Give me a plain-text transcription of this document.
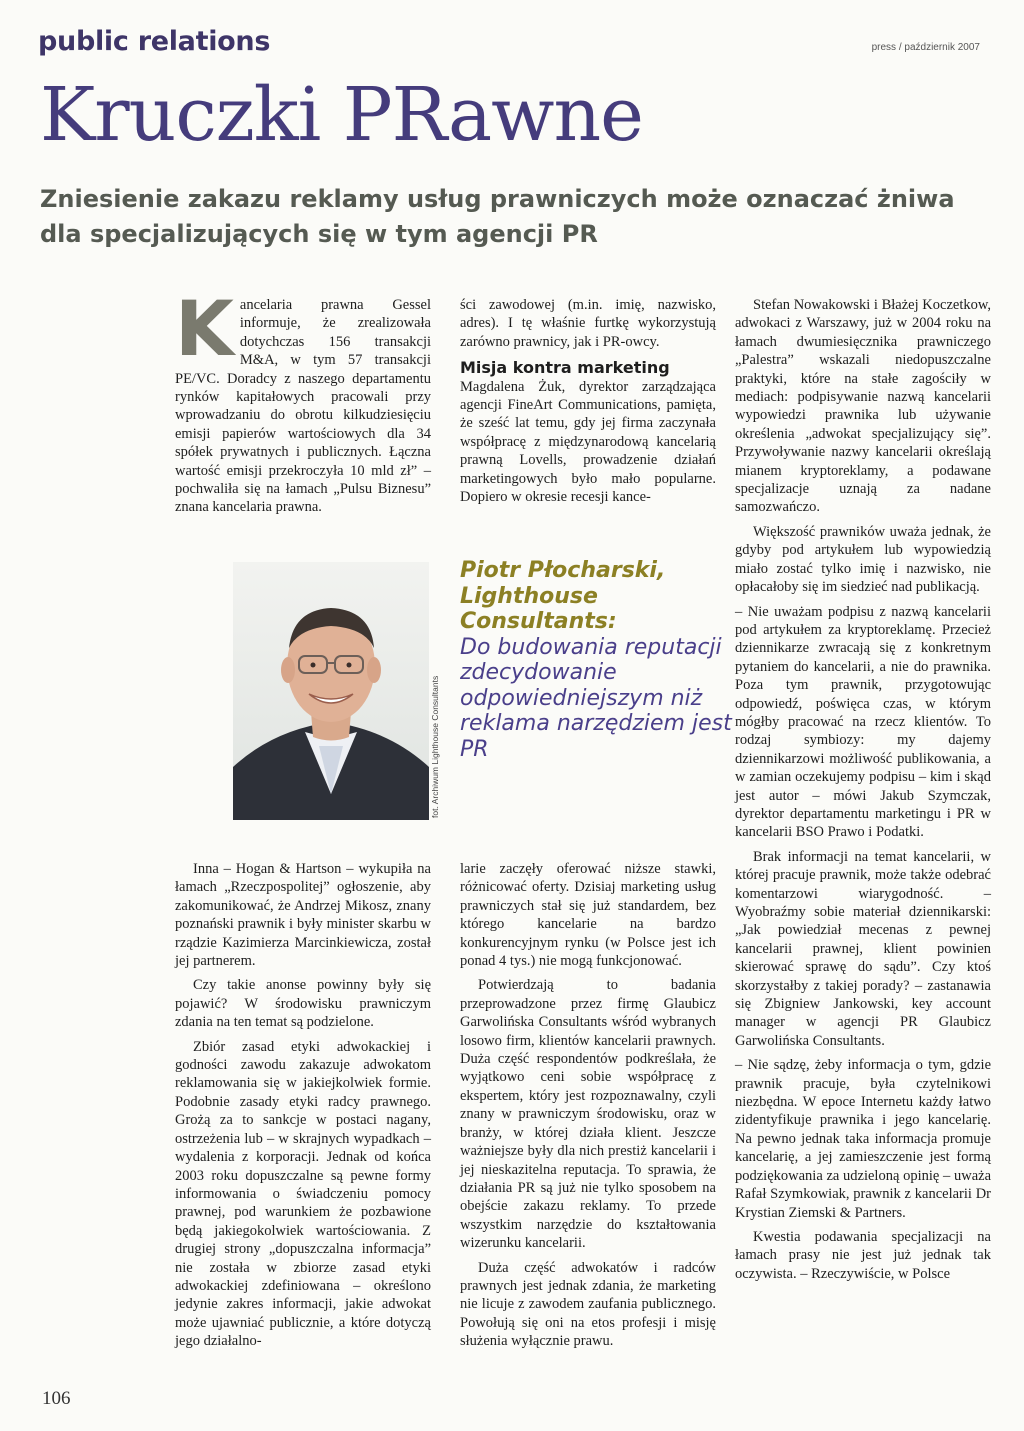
public relations	press / październik 2007
Kruczki PRawne
Zniesienie zakazu reklamy usług prawniczych może oznaczać żniwa dla specjalizujących się w tym agencji PR

Kancelaria prawna Gessel informuje, że zrealizowała dotychczas 156 transakcji M&A, w tym 57 transakcji PE/VC. Doradcy z naszego departamentu rynków kapitałowych pracowali przy wprowadzaniu do obrotu kilkudziesięciu emisji papierów wartościowych dla 34 spółek prywatnych i publicznych. Łączna wartość emisji przekroczyła 10 mld zł” – pochwaliła się na łamach „Pulsu Biznesu” znana kancelaria prawna.

ści zawodowej (m.in. imię, nazwisko, adres). I tę właśnie furtkę wykorzystują zarówno prawnicy, jak i PR-owcy.

Misja kontra marketing

Magdalena Żuk, dyrektor zarządzająca agencji FineArt Communications, pamięta, że sześć lat temu, gdy jej firma zaczynała współpracę z międzynarodową kancelarią prawną Lovells, prowadzenie działań marketingowych było mało popularne. Dopiero w okresie recesji kance-

fot. Archiwum Lighthouse Consultants
Piotr Płocharski, Lighthouse Consultants:
Do budowania reputacji zdecydowanie odpowiedniejszym niż reklama narzędziem jest PR

Inna – Hogan & Hartson – wykupiła na łamach „Rzeczpospolitej” ogłoszenie, aby zakomunikować, że Andrzej Mikosz, znany poznański prawnik i były minister skarbu w rządzie Kazimierza Marcinkiewicza, został jej partnerem.

Czy takie anonse powinny były się pojawić? W środowisku prawniczym zdania na ten temat są podzielone.

Zbiór zasad etyki adwokackiej i godności zawodu zakazuje adwokatom reklamowania się w jakiejkolwiek formie. Podobnie zasady etyki radcy prawnego. Grożą za to sankcje w postaci nagany, ostrzeżenia lub – w skrajnych wypadkach – wydalenia z korporacji. Jednak od końca 2003 roku dopuszczalne są pewne formy informowania o świadczeniu pomocy prawnej, pod warunkiem że pozbawione będą jakiegokolwiek wartościowania. Z drugiej strony „dopuszczalna informacja” nie została w zbiorze zasad etyki adwokackiej zdefiniowana – określono jedynie zakres informacji, jakie adwokat może ujawniać publicznie, a które dotyczą jego działalno-

larie zaczęły oferować niższe stawki, różnicować oferty. Dzisiaj marketing usług prawniczych stał się już standardem, bez którego kancelarie na bardzo konkurencyjnym rynku (w Polsce jest ich ponad 4 tys.) nie mogą funkcjonować.

Potwierdzają to badania przeprowadzone przez firmę Glaubicz Garwolińska Consultants wśród wybranych losowo firm, klientów kancelarii prawnych. Duża część respondentów podkreślała, że wyjątkowo ceni sobie współpracę z ekspertem, który jest rozpoznawalny, czyli znany w prawniczym środowisku, oraz w branży, w której działa klient. Jeszcze ważniejsze były dla nich prestiż kancelarii i jej nieskazitelna reputacja. To sprawia, że działania PR są już nie tylko sposobem na obejście zakazu reklamy. To przede wszystkim narzędzie do kształtowania wizerunku kancelarii.

Duża część adwokatów i radców prawnych jest jednak zdania, że marketing nie licuje z zawodem zaufania publicznego. Powołują się oni na etos profesji i misję służenia wyłącznie prawu.

Stefan Nowakowski i Błażej Koczetkow, adwokaci z Warszawy, już w 2004 roku na łamach dwumiesięcznika prawniczego „Palestra” wskazali niedopuszczalne praktyki, które na stałe zagościły w mediach: podpisywanie nazwą kancelarii wypowiedzi prawnika lub używanie określenia „adwokat specjalizujący się”. Przywoływanie nazwy kancelarii określają mianem kryptoreklamy, a podawane specjalizacje uznają za nadane samozwańczo.

Większość prawników uważa jednak, że gdyby pod artykułem lub wypowiedzią miało zostać tylko imię i nazwisko, nie opłacałoby się im siedzieć nad publikacją.

– Nie uważam podpisu z nazwą kancelarii pod artykułem za kryptoreklamę. Przecież dziennikarze zwracają się z konkretnym pytaniem do kancelarii, a nie do prawnika. Poza tym prawnik, przygotowując odpowiedź, poświęca czas, w którym mógłby pracować na rzecz klientów. To rodzaj symbiozy: my dajemy dziennikarzowi możliwość publikowania, a w zamian oczekujemy podpisu – kim i skąd jest autor – mówi Jakub Szymczak, dyrektor departamentu marketingu i PR w kancelarii BSO Prawo i Podatki.

Brak informacji na temat kancelarii, w której pracuje prawnik, może także odebrać komentarzowi wiarygodność. – Wyobraźmy sobie materiał dziennikarski: „Jak powiedział mecenas z pewnej kancelarii prawnej, klient powinien skierować sprawę do sądu”. Czy ktoś skorzystałby z takiej porady? – zastanawia się Zbigniew Jankowski, key account manager w agencji PR Glaubicz Garwolińska Consultants.

– Nie sądzę, żeby informacja o tym, gdzie prawnik pracuje, była czytelnikowi niezbędna. W epoce Internetu każdy łatwo zidentyfikuje prawnika i jego kancelarię. Na pewno jednak taka informacja promuje kancelarię, a jej zamieszczenie jest formą podziękowania za udzieloną opinię – uważa Rafał Szymkowiak, prawnik z kancelarii Dr Krystian Ziemski & Partners.

Kwestia podawania specjalizacji na łamach prasy nie jest już jednak tak oczywista. – Rzeczywiście, w Polsce

106
